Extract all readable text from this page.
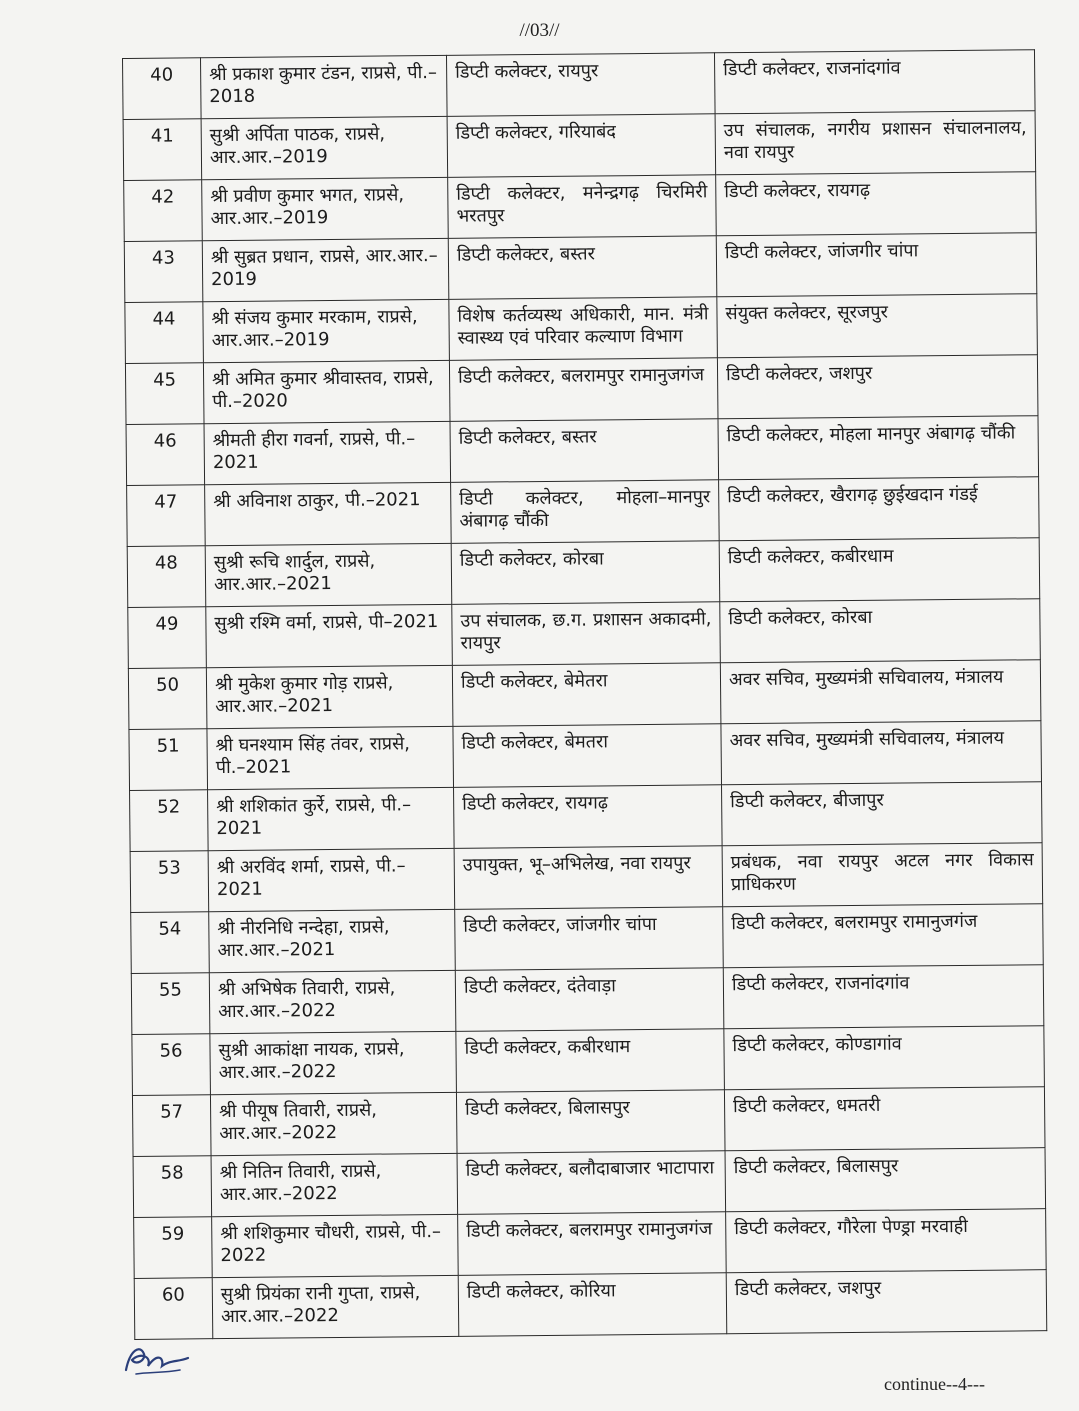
//03//
40	श्री प्रकाश कुमार टंडन, राप्रसे, पी.–2018	डिप्टी कलेक्टर, रायपुर	डिप्टी कलेक्टर, राजनांदगांव
41	सुश्री अर्पिता पाठक, राप्रसे, आर.आर.–2019	डिप्टी कलेक्टर, गरियाबंद	उप संचालक, नगरीय प्रशासन संचालनालय, नवा रायपुर
42	श्री प्रवीण कुमार भगत, राप्रसे, आर.आर.–2019	डिप्टी कलेक्टर, मनेन्द्रगढ़ चिरमिरी भरतपुर	डिप्टी कलेक्टर, रायगढ़
43	श्री सुब्रत प्रधान, राप्रसे, आर.आर.–2019	डिप्टी कलेक्टर, बस्तर	डिप्टी कलेक्टर, जांजगीर चांपा
44	श्री संजय कुमार मरकाम, राप्रसे, आर.आर.–2019	विशेष कर्तव्यस्थ अधिकारी, मान. मंत्री स्वास्थ्य एवं परिवार कल्याण विभाग	संयुक्त कलेक्टर, सूरजपुर
45	श्री अमित कुमार श्रीवास्तव, राप्रसे, पी.–2020	डिप्टी कलेक्टर, बलरामपुर रामानुजगंज	डिप्टी कलेक्टर, जशपुर
46	श्रीमती हीरा गवर्ना, राप्रसे, पी.–2021	डिप्टी कलेक्टर, बस्तर	डिप्टी कलेक्टर, मोहला मानपुर अंबागढ़ चौंकी
47	श्री अविनाश ठाकुर, पी.–2021	डिप्टी कलेक्टर, मोहला–मानपुर अंबागढ़ चौंकी	डिप्टी कलेक्टर, खैरागढ़ छुईखदान गंडई
48	सुश्री रूचि शार्दुल, राप्रसे, आर.आर.–2021	डिप्टी कलेक्टर, कोरबा	डिप्टी कलेक्टर, कबीरधाम
49	सुश्री रश्मि वर्मा, राप्रसे, पी–2021	उप संचालक, छ.ग. प्रशासन अकादमी, रायपुर	डिप्टी कलेक्टर, कोरबा
50	श्री मुकेश कुमार गोड़ राप्रसे, आर.आर.–2021	डिप्टी कलेक्टर, बेमेतरा	अवर सचिव, मुख्यमंत्री सचिवालय, मंत्रालय
51	श्री घनश्याम सिंह तंवर, राप्रसे, पी.–2021	डिप्टी कलेक्टर, बेमतरा	अवर सचिव, मुख्यमंत्री सचिवालय, मंत्रालय
52	श्री शशिकांत कुर्रे, राप्रसे, पी.–2021	डिप्टी कलेक्टर, रायगढ़	डिप्टी कलेक्टर, बीजापुर
53	श्री अरविंद शर्मा, राप्रसे, पी.–2021	उपायुक्त, भू–अभिलेख, नवा रायपुर	प्रबंधक, नवा रायपुर अटल नगर विकास प्राधिकरण
54	श्री नीरनिधि नन्देहा, राप्रसे, आर.आर.–2021	डिप्टी कलेक्टर, जांजगीर चांपा	डिप्टी कलेक्टर, बलरामपुर रामानुजगंज
55	श्री अभिषेक तिवारी, राप्रसे, आर.आर.–2022	डिप्टी कलेक्टर, दंतेवाड़ा	डिप्टी कलेक्टर, राजनांदगांव
56	सुश्री आकांक्षा नायक, राप्रसे, आर.आर.–2022	डिप्टी कलेक्टर, कबीरधाम	डिप्टी कलेक्टर, कोण्डागांव
57	श्री पीयूष तिवारी, राप्रसे, आर.आर.–2022	डिप्टी कलेक्टर, बिलासपुर	डिप्टी कलेक्टर, धमतरी
58	श्री नितिन तिवारी, राप्रसे, आर.आर.–2022	डिप्टी कलेक्टर, बलौदाबाजार भाटापारा	डिप्टी कलेक्टर, बिलासपुर
59	श्री शशिकुमार चौधरी, राप्रसे, पी.–2022	डिप्टी कलेक्टर, बलरामपुर रामानुजगंज	डिप्टी कलेक्टर, गौरेला पेण्ड्रा मरवाही
60	सुश्री प्रियंका रानी गुप्ता, राप्रसे, आर.आर.–2022	डिप्टी कलेक्टर, कोरिया	डिप्टी कलेक्टर, जशपुर
continue--4---
